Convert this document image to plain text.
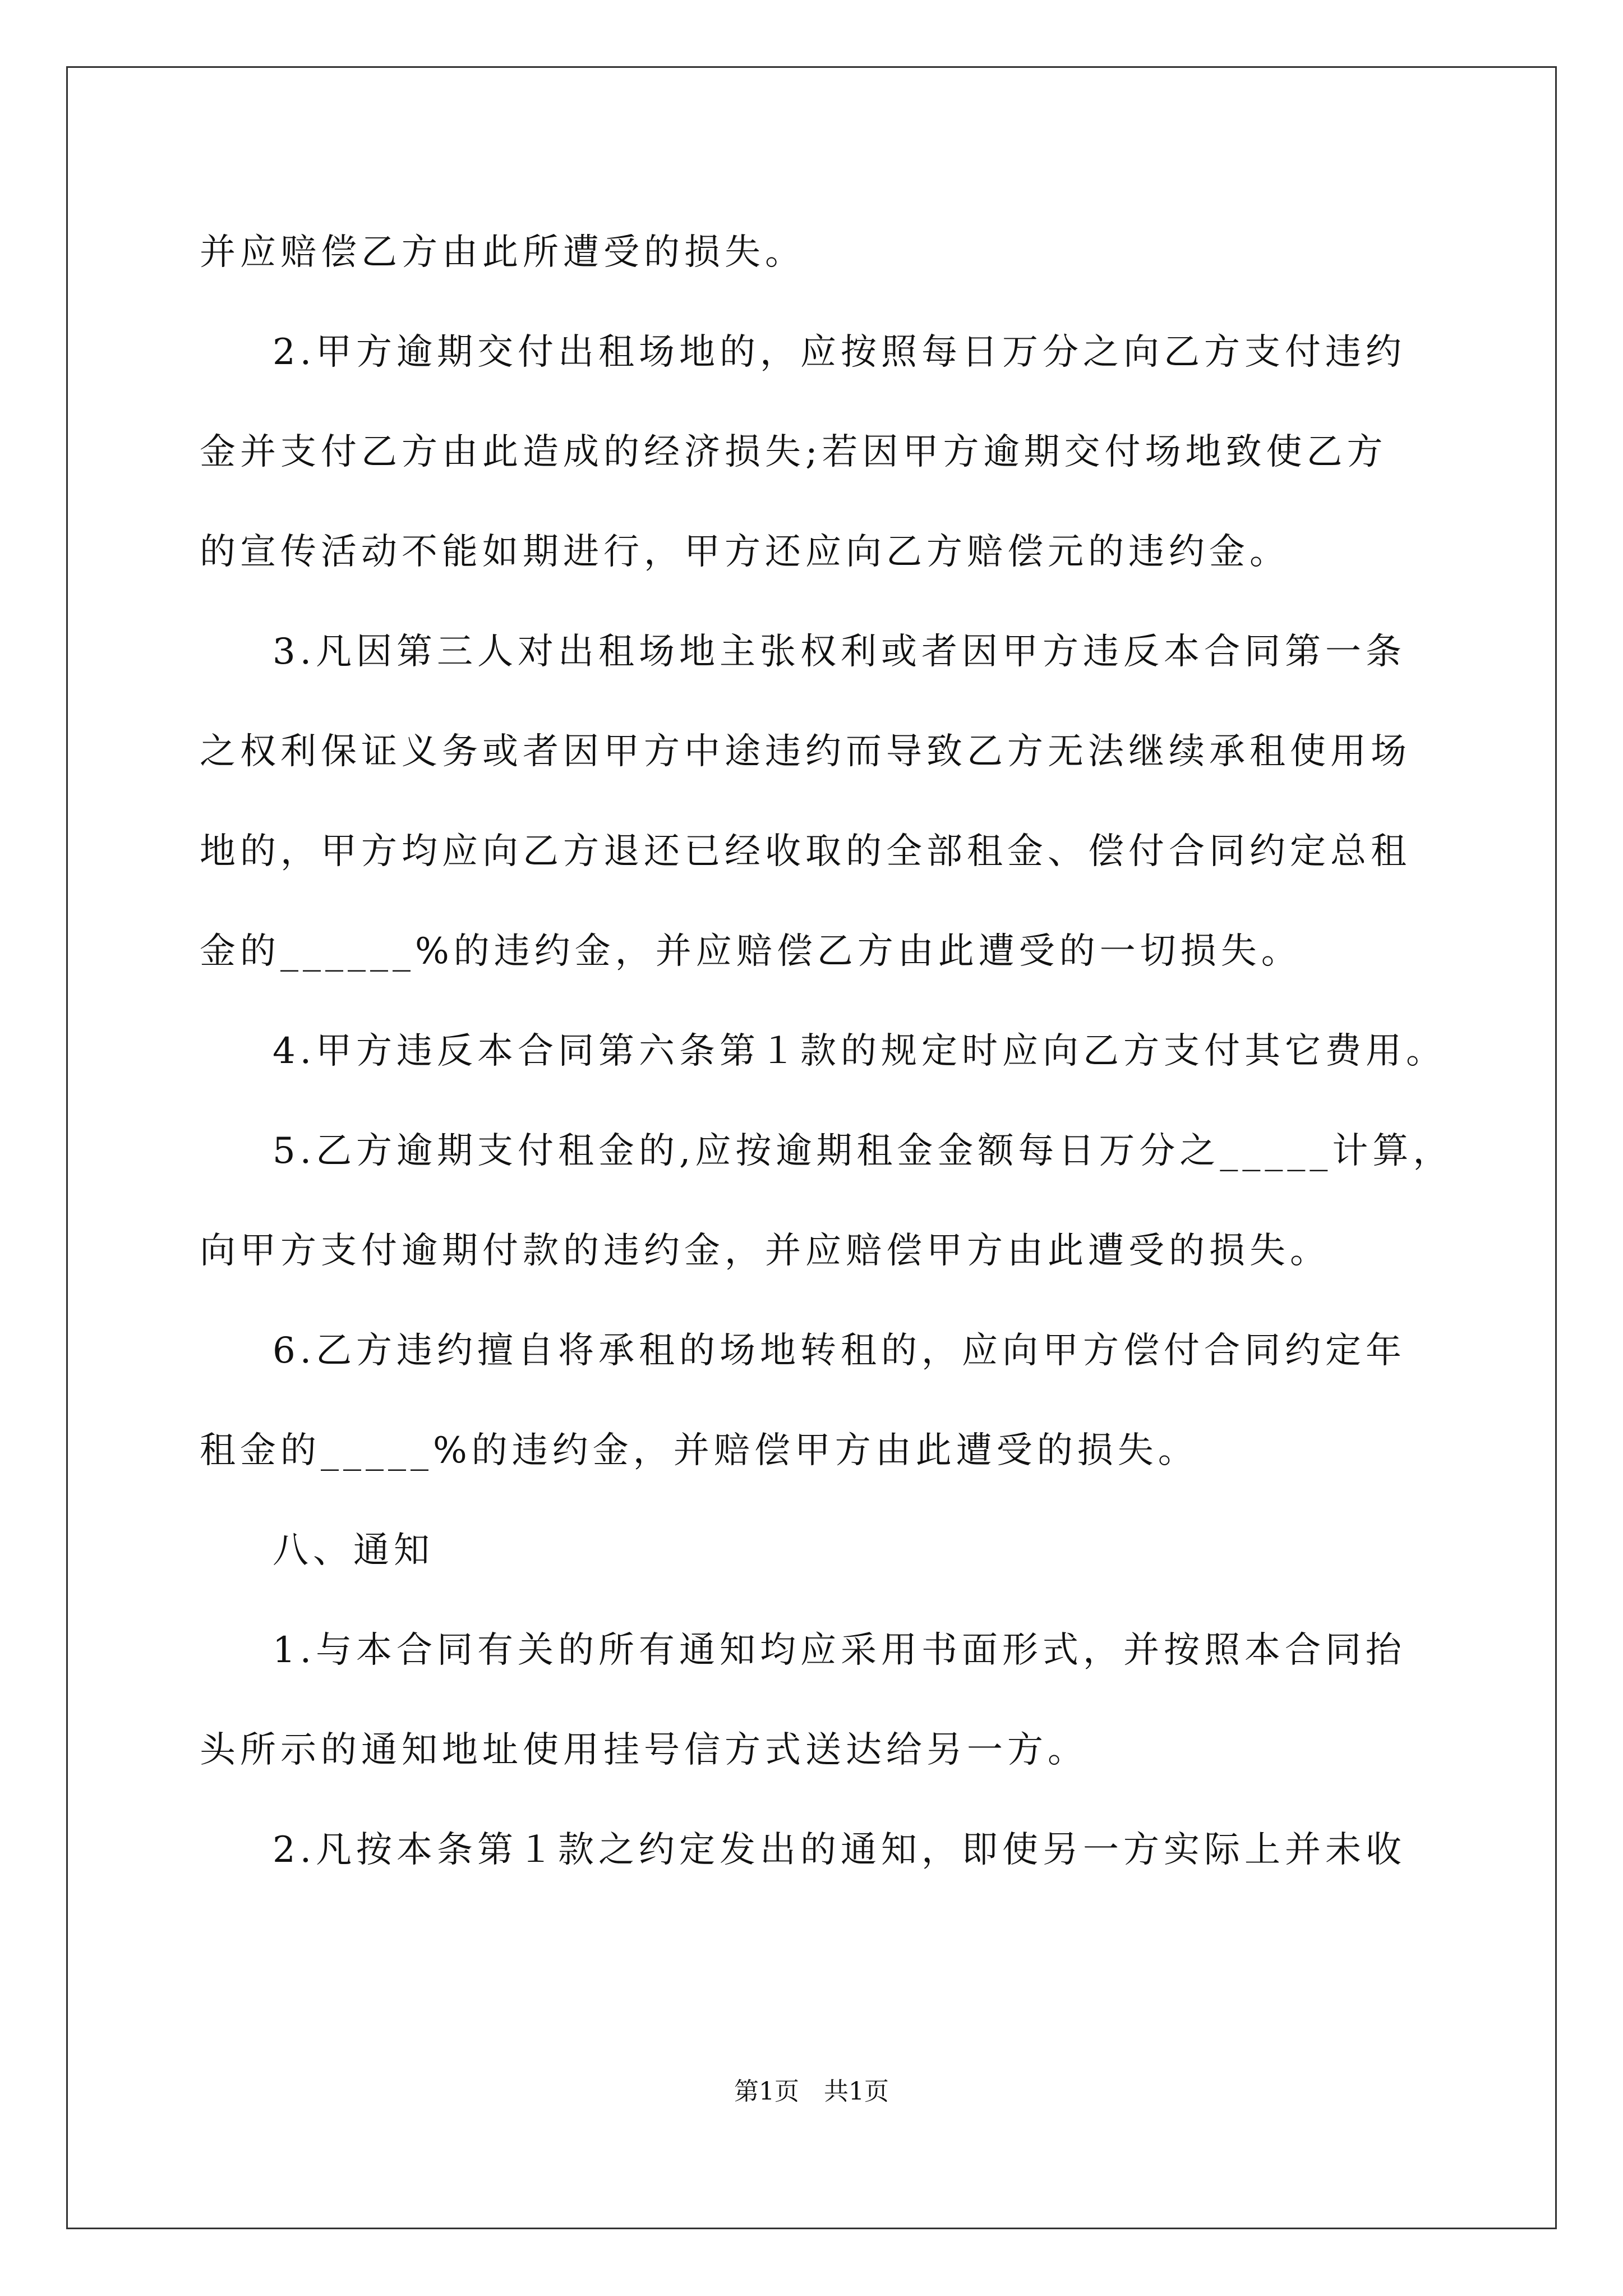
并应赔偿乙方由此所遭受的损失。
2.甲方逾期交付出租场地的，应按照每日万分之向乙方支付违约
金并支付乙方由此造成的经济损失;若因甲方逾期交付场地致使乙方
的宣传活动不能如期进行，甲方还应向乙方赔偿元的违约金。
3.凡因第三人对出租场地主张权利或者因甲方违反本合同第一条
之权利保证义务或者因甲方中途违约而导致乙方无法继续承租使用场
地的，甲方均应向乙方退还已经收取的全部租金、偿付合同约定总租
金的______%的违约金，并应赔偿乙方由此遭受的一切损失。
4.甲方违反本合同第六条第１款的规定时应向乙方支付其它费用。
5.乙方逾期支付租金的,应按逾期租金金额每日万分之_____计算，
向甲方支付逾期付款的违约金，并应赔偿甲方由此遭受的损失。
6.乙方违约擅自将承租的场地转租的，应向甲方偿付合同约定年
租金的_____%的违约金，并赔偿甲方由此遭受的损失。
八、通知
1.与本合同有关的所有通知均应采用书面形式，并按照本合同抬
头所示的通知地址使用挂号信方式送达给另一方。
2.凡按本条第１款之约定发出的通知，即使另一方实际上并未收
第1页　共1页
